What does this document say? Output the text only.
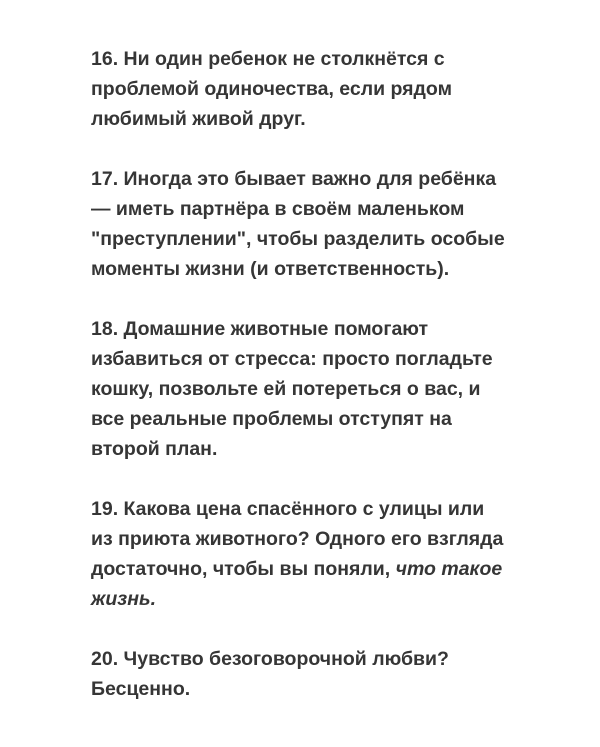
16. Ни один ребенок не столкнётся с
проблемой одиночества, если рядом
любимый живой друг.

17. Иногда это бывает важно для ребёнка
— иметь партнёра в своём маленьком
"преступлении", чтобы разделить особые
моменты жизни (и ответственность).

18. Домашние животные помогают
избавиться от стресса: просто погладьте
кошку, позвольте ей потереться о вас, и
все реальные проблемы отступят на
второй план.

19. Какова цена спасённого с улицы или
из приюта животного? Одного его взгляда
достаточно, чтобы вы поняли, что такое
жизнь.

20. Чувство безоговорочной любви?
Бесценно.
